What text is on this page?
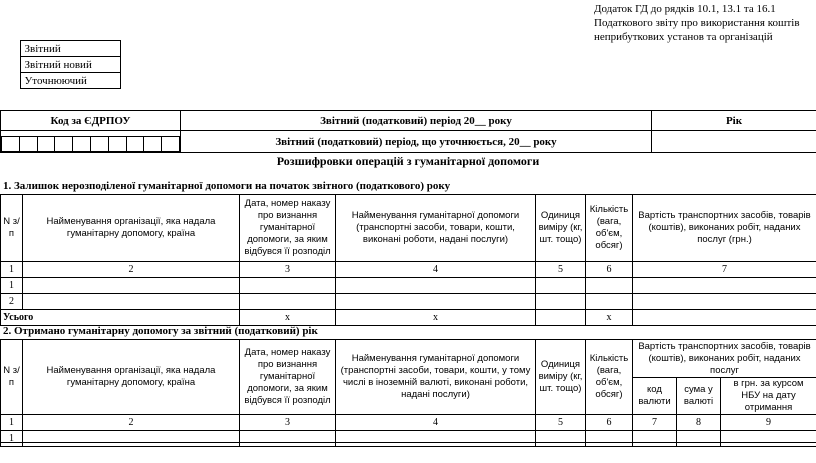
Додаток ГД до рядків 10.1, 13.1 та 16.1 Податкового звіту про використання коштів неприбуткових установ та організацій
	Звітний
	Звітний новий
	Уточнюючий
Код за ЄДРПОУ	Звітний (податковий) період 20__ року	Рік

	Звітний (податковий) період, що уточнюється, 20__ року	
Розшифровки операцій з гуманітарної допомоги
1. Залишок нерозподіленої гуманітарної допомоги на початок звітного (податкового) року
N з/п	Найменування організації, яка надала гуманітарну допомогу, країна	Дата, номер наказу про визнання гуманітарної допомоги, за яким відбувся її розподіл	Найменування гуманітарної допомоги (транспортні засоби, товари, кошти, виконані роботи, надані послуги)	Одиниця виміру (кг, шт. тощо)	Кількість (вага, об'єм, обсяг)	Вартість транспортних засобів, товарів (коштів), виконаних робіт, наданих послуг (грн.)
1	2	3	4	5	6	7
1						
2						
Усього		х	х		х	
2. Отримано гуманітарну допомогу за звітний (податковий) рік
N з/п	Найменування організації, яка надала гуманітарну допомогу, країна	Дата, номер наказу про визнання гуманітарної допомоги, за яким відбувся її розподіл	Найменування гуманітарної допомоги (транспортні засоби, товари, кошти, у тому числі в іноземній валюті, виконані роботи, надані послуги)	Одиниця виміру (кг, шт. тощо)	Кількість (вага, об'єм, обсяг)	Вартість транспортних засобів, товарів (коштів), виконаних робіт, наданих послуг		
						код валюти	сума у валюті	в грн. за курсом НБУ на дату отримання
1	2	3	4	5	6	7	8	9
1								
